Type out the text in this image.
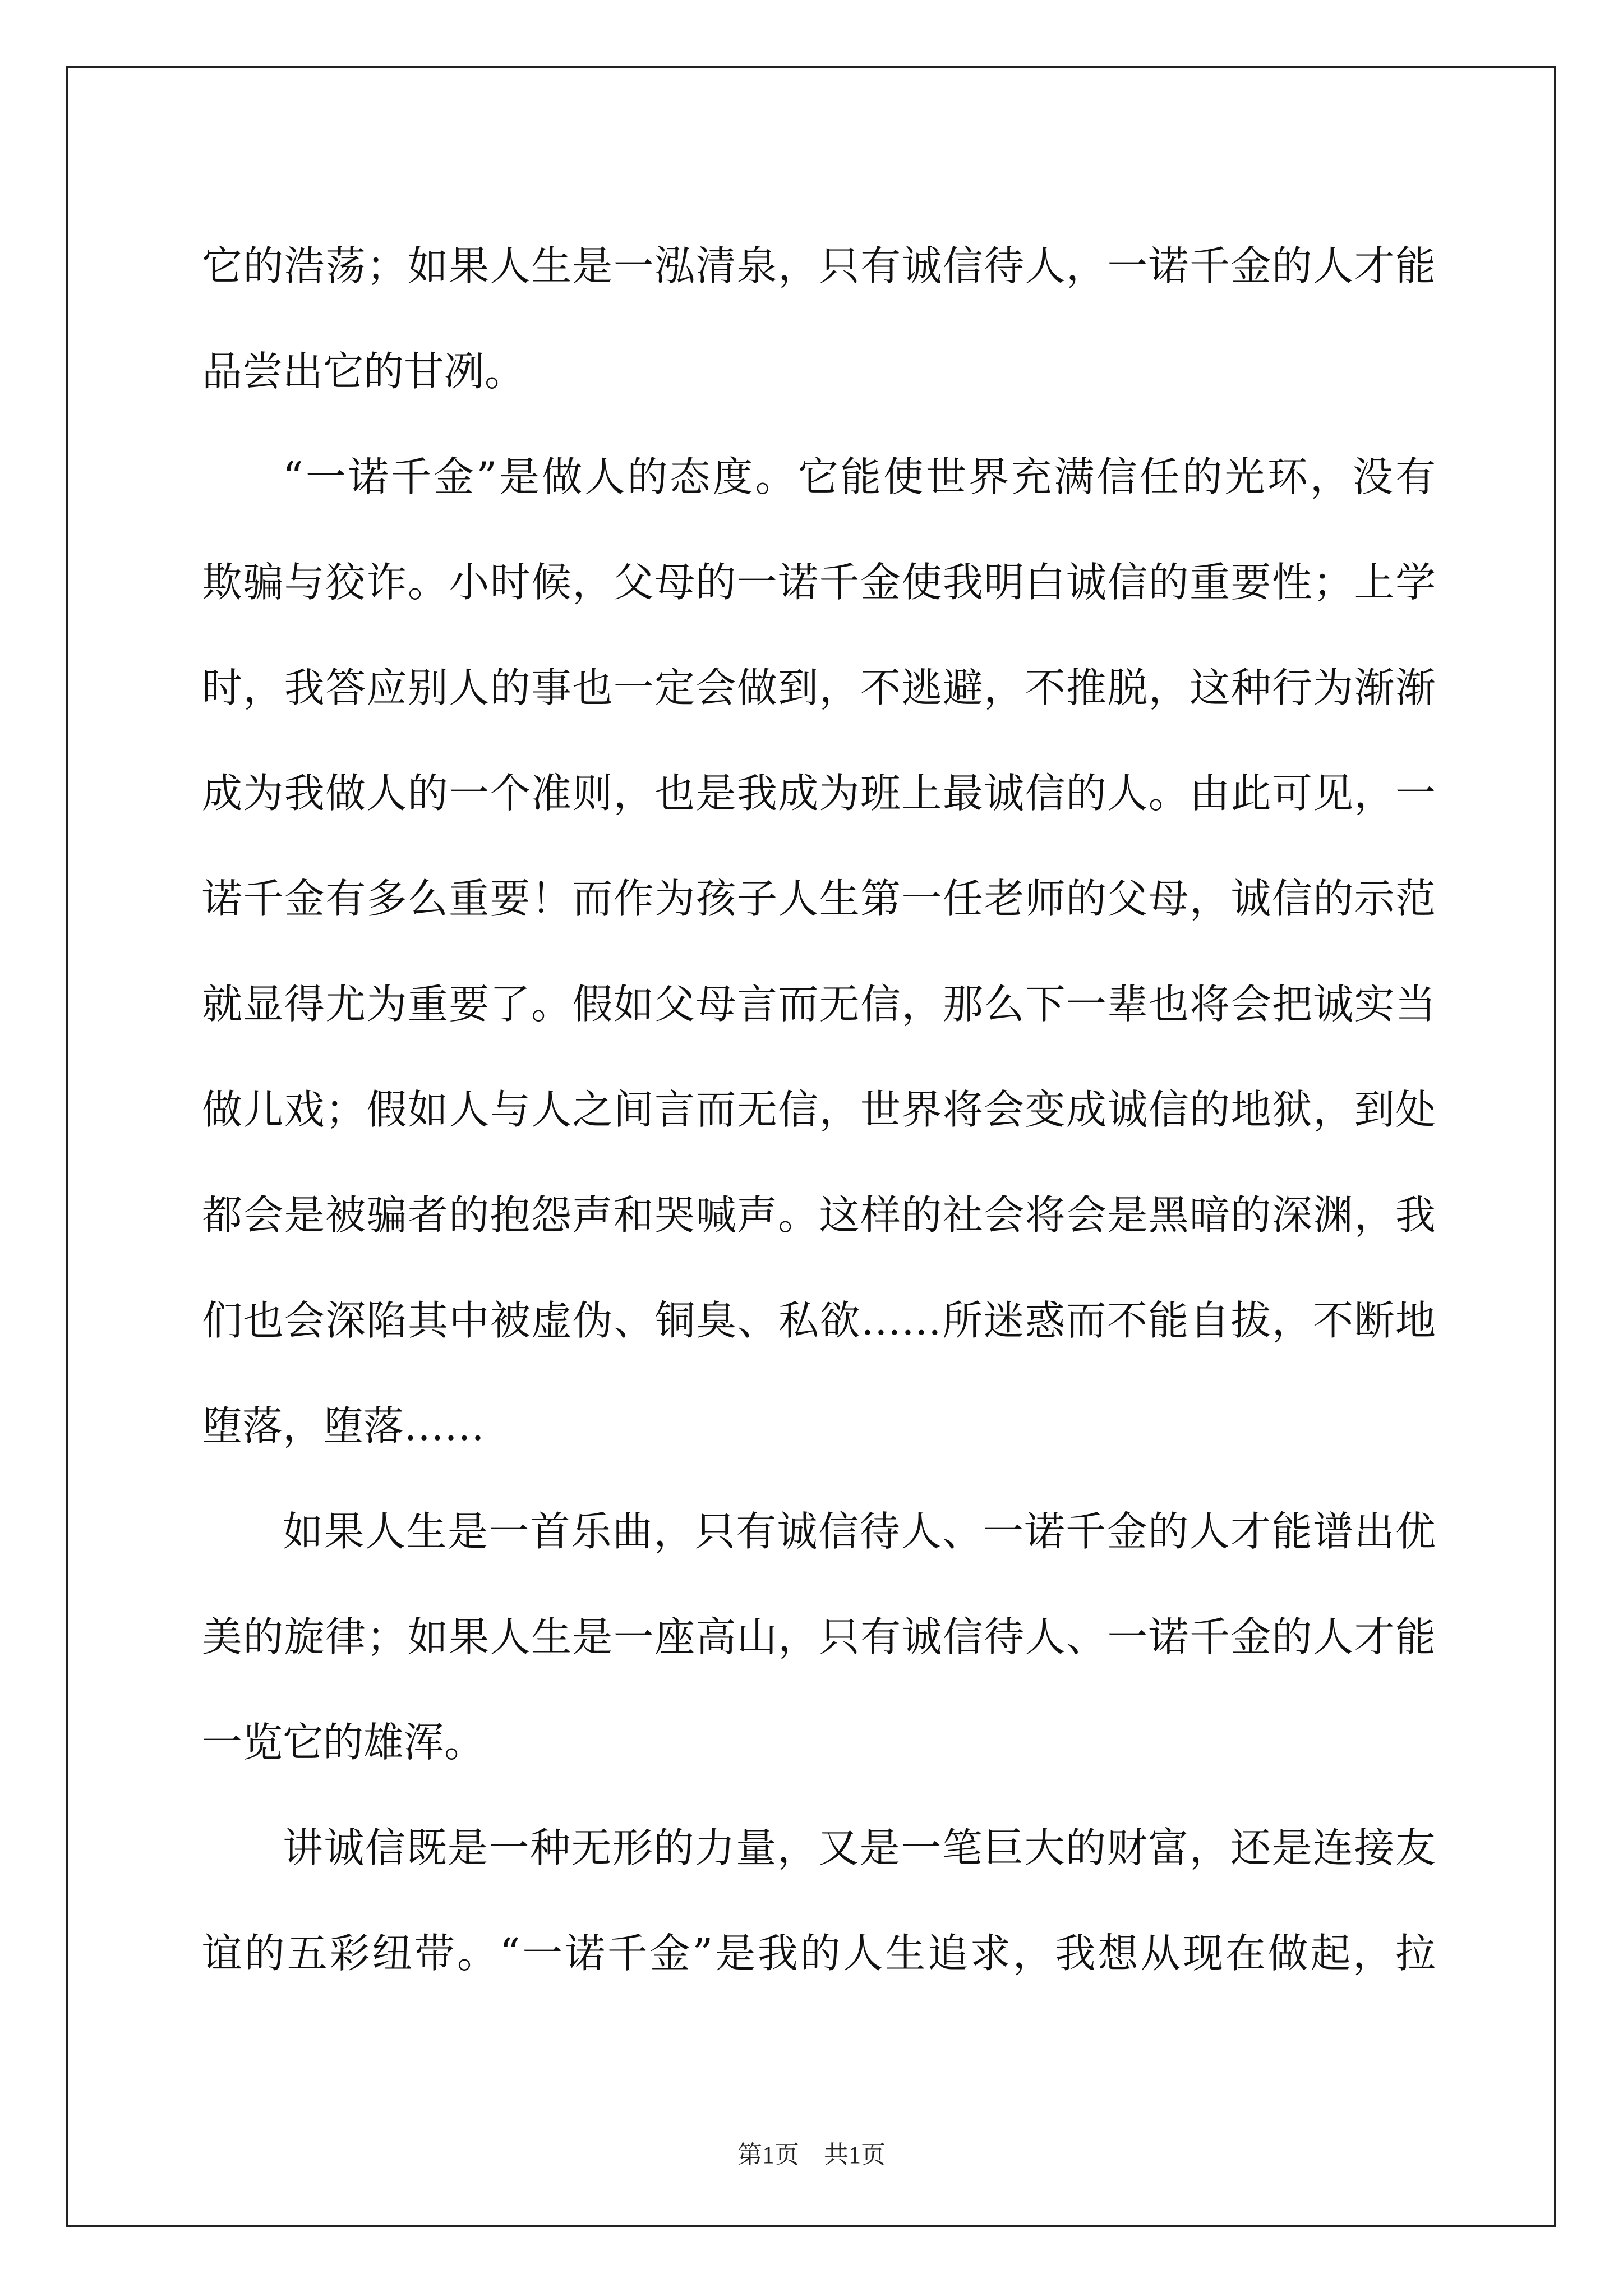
它的浩荡；如果人生是一泓清泉，只有诚信待人，一诺千金的人才能
品尝出它的甘冽。
“一诺千金”是做人的态度。它能使世界充满信任的光环，没有
欺骗与狡诈。小时候，父母的一诺千金使我明白诚信的重要性；上学
时，我答应别人的事也一定会做到，不逃避，不推脱，这种行为渐渐
成为我做人的一个准则，也是我成为班上最诚信的人。由此可见，一
诺千金有多么重要！而作为孩子人生第一任老师的父母，诚信的示范
就显得尤为重要了。假如父母言而无信，那么下一辈也将会把诚实当
做儿戏；假如人与人之间言而无信，世界将会变成诚信的地狱，到处
都会是被骗者的抱怨声和哭喊声。这样的社会将会是黑暗的深渊，我
们也会深陷其中被虚伪、铜臭、私欲……所迷惑而不能自拔，不断地
堕落，堕落……
如果人生是一首乐曲，只有诚信待人、一诺千金的人才能谱出优
美的旋律；如果人生是一座高山，只有诚信待人、一诺千金的人才能
一览它的雄浑。
讲诚信既是一种无形的力量，又是一笔巨大的财富，还是连接友
谊的五彩纽带。“一诺千金”是我的人生追求，我想从现在做起，拉
第1页　共1页
